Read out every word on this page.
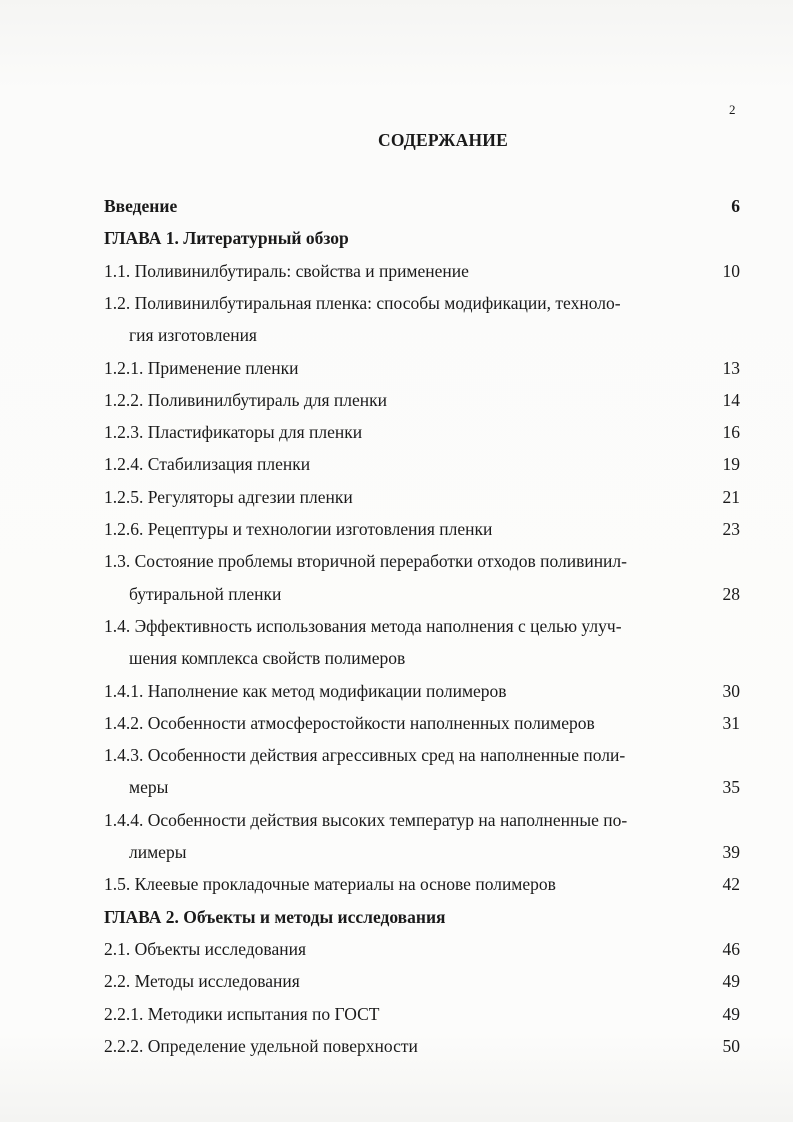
2
СОДЕРЖАНИЕ
Введение	6
ГЛАВА 1. Литературный обзор
1.1. Поливинилбутираль: свойства и применение	10
1.2. Поливинилбутиральная пленка: способы модификации, техноло-
гия изготовления
1.2.1. Применение пленки	13
1.2.2. Поливинилбутираль для пленки	14
1.2.3. Пластификаторы для пленки	16
1.2.4. Стабилизация пленки	19
1.2.5. Регуляторы адгезии пленки	21
1.2.6. Рецептуры и технологии изготовления пленки	23
1.3. Состояние проблемы вторичной переработки отходов поливинил-
бутиральной пленки	28
1.4. Эффективность использования метода наполнения с целью улуч-
шения комплекса свойств полимеров
1.4.1. Наполнение как метод модификации полимеров	30
1.4.2. Особенности атмосферостойкости наполненных полимеров	31
1.4.3. Особенности действия агрессивных сред на наполненные поли-
меры	35
1.4.4. Особенности действия высоких температур на наполненные по-
лимеры	39
1.5. Клеевые прокладочные материалы на основе полимеров	42
ГЛАВА 2. Объекты и методы исследования
2.1. Объекты исследования	46
2.2. Методы исследования	49
2.2.1. Методики испытания по ГОСТ	49
2.2.2. Определение удельной поверхности	50
